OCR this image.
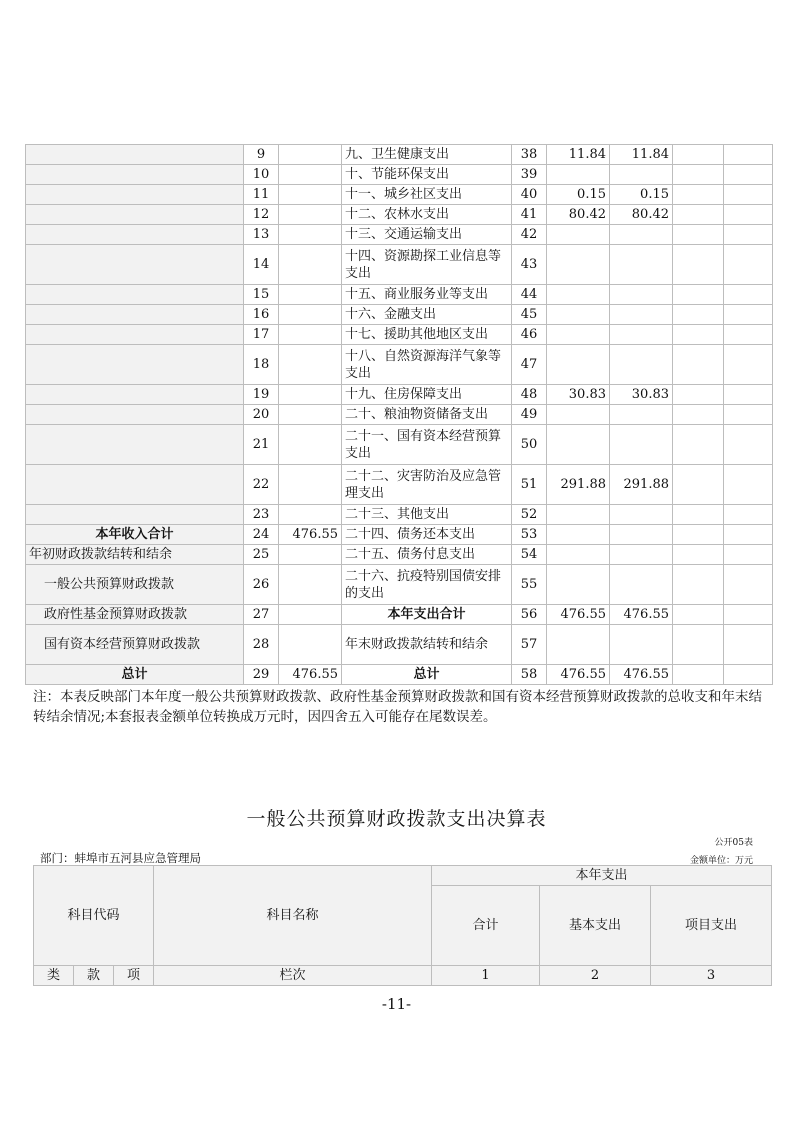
	9		九、卫生健康支出	38	11.84	11.84		
	10		十、节能环保支出	39				
	11		十一、城乡社区支出	40	0.15	0.15		
	12		十二、农林水支出	41	80.42	80.42		
	13		十三、交通运输支出	42				
	14		十四、资源勘探工业信息等支出	43				
	15		十五、商业服务业等支出	44				
	16		十六、金融支出	45				
	17		十七、援助其他地区支出	46				
	18		十八、自然资源海洋气象等支出	47				
	19		十九、住房保障支出	48	30.83	30.83		
	20		二十、粮油物资储备支出	49				
	21		二十一、国有资本经营预算支出	50				
	22		二十二、灾害防治及应急管理支出	51	291.88	291.88		
	23		二十三、其他支出	52				
本年收入合计	24	476.55	二十四、债务还本支出	53				
年初财政拨款结转和结余	25		二十五、债务付息支出	54				
一般公共预算财政拨款	26		二十六、抗疫特别国债安排的支出	55				
政府性基金预算财政拨款	27		本年支出合计	56	476.55	476.55		
国有资本经营预算财政拨款	28		年末财政拨款结转和结余	57				
总计	29	476.55	总计	58	476.55	476.55		

注：本表反映部门本年度一般公共预算财政拨款、政府性基金预算财政拨款和国有资本经营预算财政拨款的总收支和年末结转结余情况;本套报表金额单位转换成万元时，因四舍五入可能存在尾数误差。

一般公共预算财政拨款支出决算表
公开05表
部门：蚌埠市五河县应急管理局	金额单位：万元
科目代码			科目名称	本年支出		
				合计	基本支出	项目支出

类	款	项	栏次	1	2	3
-11-
